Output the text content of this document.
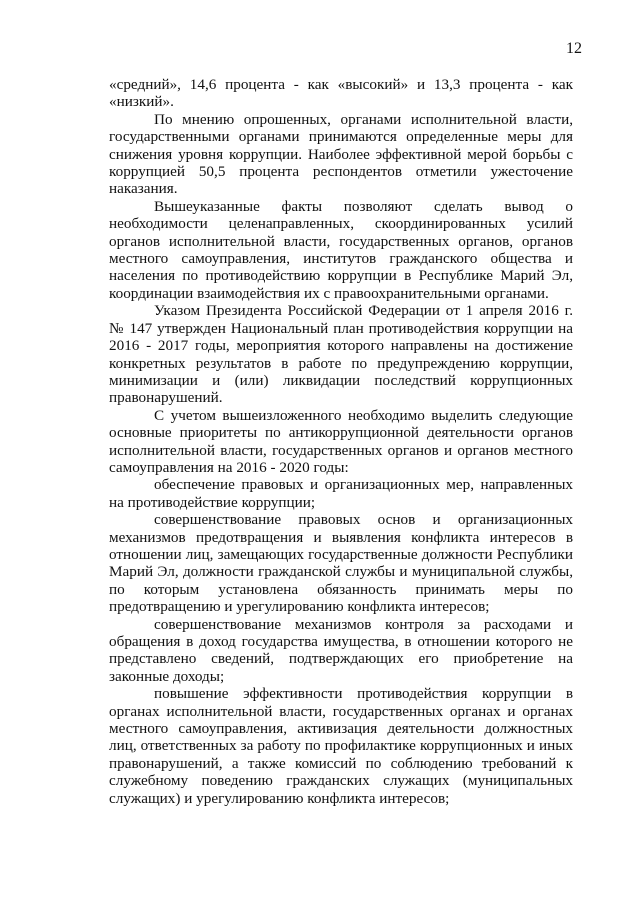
12

«средний», 14,6 процента - как «высокий» и 13,3 процента - как «низкий».

По мнению опрошенных, органами исполнительной власти, государственными органами принимаются определенные меры для снижения уровня коррупции. Наиболее эффективной мерой борьбы с коррупцией 50,5 процента респондентов отметили ужесточение наказания.

Вышеуказанные факты позволяют сделать вывод о необходимости целенаправленных, скоординированных усилий органов исполнительной власти, государственных органов, органов местного самоуправления, институтов гражданского общества и населения по противодействию коррупции в Республике Марий Эл, координации взаимодействия их с правоохранительными органами.

Указом Президента Российской Федерации от 1 апреля 2016 г. № 147 утвержден Национальный план противодействия коррупции на 2016 - 2017 годы, мероприятия которого направлены на достижение конкретных результатов в работе по предупреждению коррупции, минимизации и (или) ликвидации последствий коррупционных правонарушений.

С учетом вышеизложенного необходимо выделить следующие основные приоритеты по антикоррупционной деятельности органов исполнительной власти, государственных органов и органов местного самоуправления на 2016 - 2020 годы:

обеспечение правовых и организационных мер, направленных на противодействие коррупции;

совершенствование правовых основ и организационных механизмов предотвращения и выявления конфликта интересов в отношении лиц, замещающих государственные должности Республики Марий Эл, должности гражданской службы и муниципальной службы, по которым установлена обязанность принимать меры по предотвращению и урегулированию конфликта интересов;

совершенствование механизмов контроля за расходами и обращения в доход государства имущества, в отношении которого не представлено сведений, подтверждающих его приобретение на законные доходы;

повышение эффективности противодействия коррупции в органах исполнительной власти, государственных органах и органах местного самоуправления, активизация деятельности должностных лиц, ответственных за работу по профилактике коррупционных и иных правонарушений, а также комиссий по соблюдению требований к служебному поведению гражданских служащих (муниципальных служащих) и урегулированию конфликта интересов;
